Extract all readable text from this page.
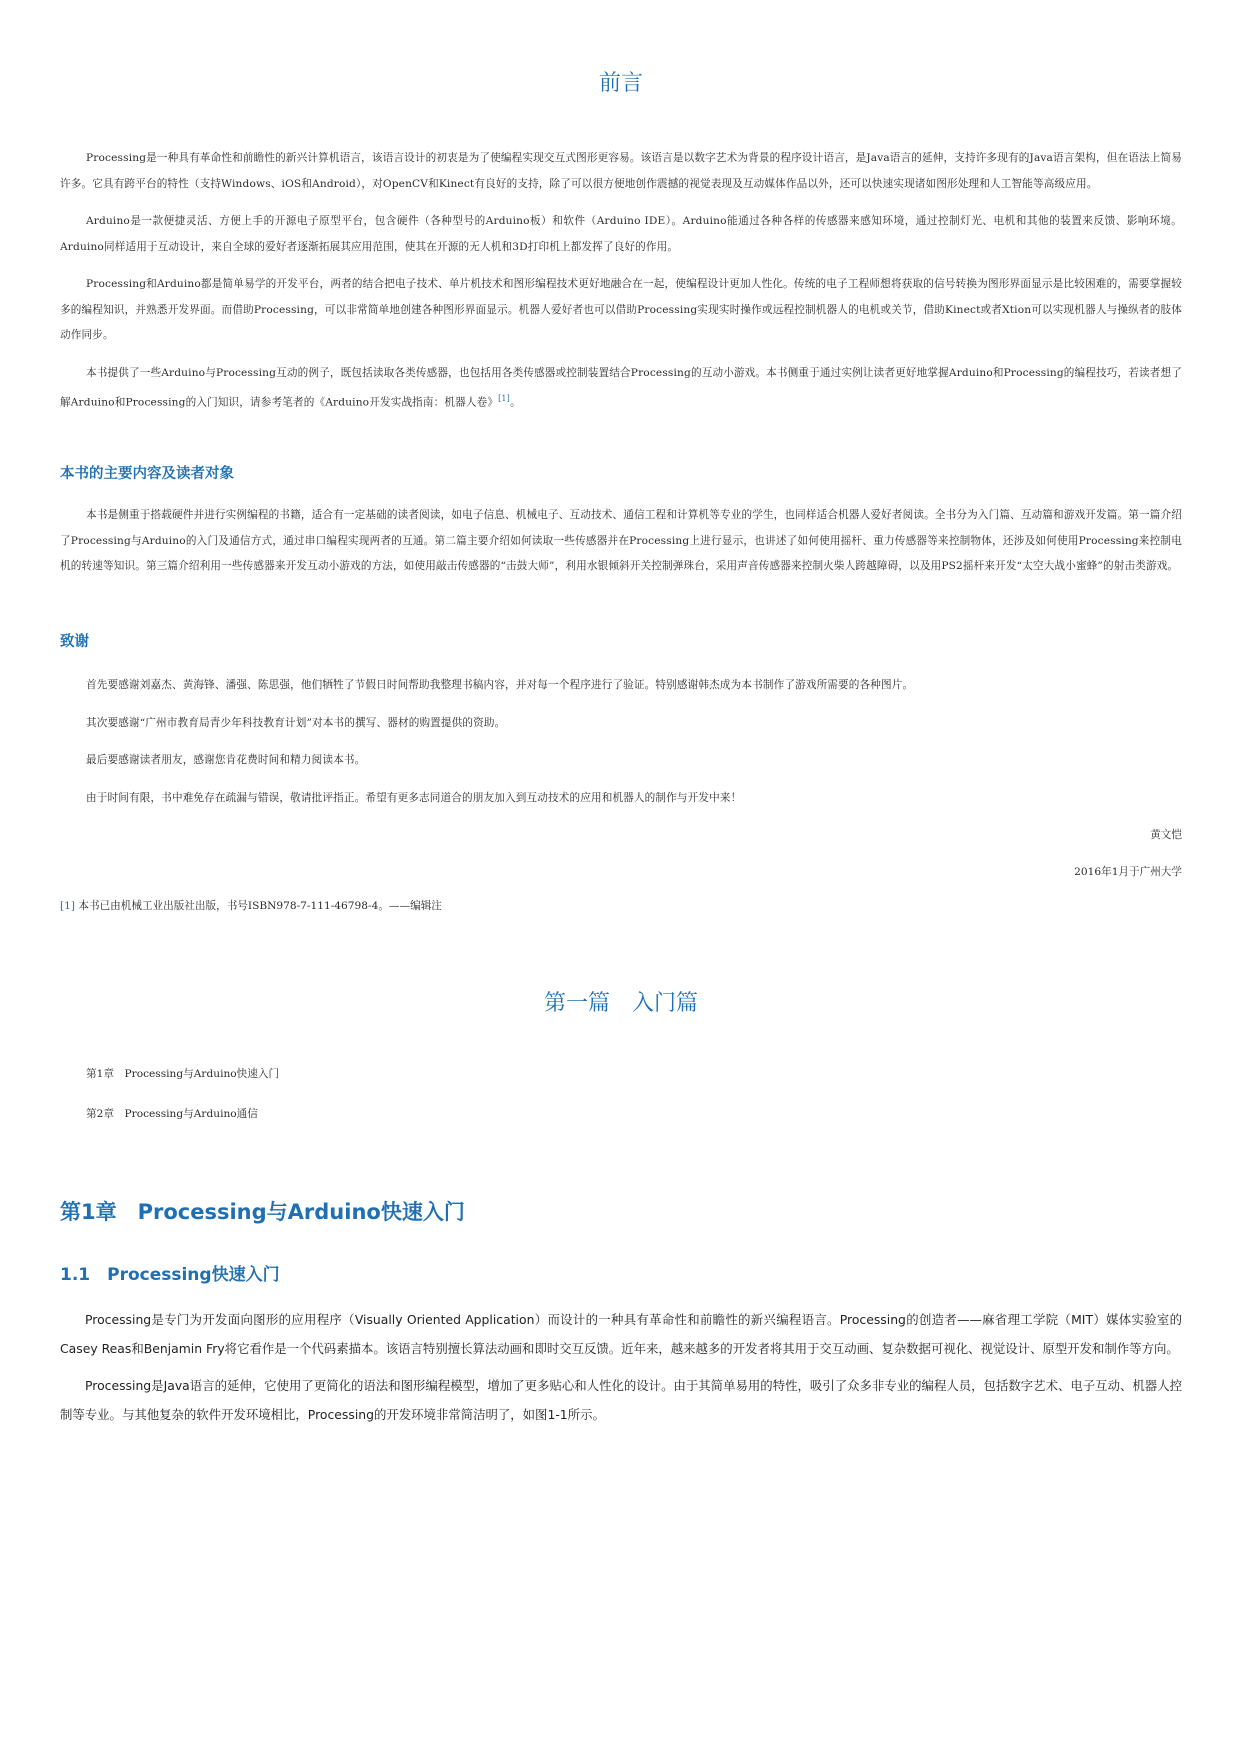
前言

Processing是一种具有革命性和前瞻性的新兴计算机语言，该语言设计的初衷是为了使编程实现交互式图形更容易。该语言是以数字艺术为背景的程序设计语言，是Java语言的延伸，支持许多现有的Java语言架构，但在语法上简易许多。它具有跨平台的特性（支持Windows、iOS和Android），对OpenCV和Kinect有良好的支持，除了可以很方便地创作震撼的视觉表现及互动媒体作品以外，还可以快速实现诸如图形处理和人工智能等高级应用。

Arduino是一款便捷灵活、方便上手的开源电子原型平台，包含硬件（各种型号的Arduino板）和软件（Arduino IDE）。Arduino能通过各种各样的传感器来感知环境，通过控制灯光、电机和其他的装置来反馈、影响环境。Arduino同样适用于互动设计，来自全球的爱好者逐渐拓展其应用范围，使其在开源的无人机和3D打印机上都发挥了良好的作用。

Processing和Arduino都是简单易学的开发平台，两者的结合把电子技术、单片机技术和图形编程技术更好地融合在一起，使编程设计更加人性化。传统的电子工程师想将获取的信号转换为图形界面显示是比较困难的，需要掌握较多的编程知识，并熟悉开发界面。而借助Processing，可以非常简单地创建各种图形界面显示。机器人爱好者也可以借助Processing实现实时操作或远程控制机器人的电机或关节，借助Kinect或者Xtion可以实现机器人与操纵者的肢体动作同步。

本书提供了一些Arduino与Processing互动的例子，既包括读取各类传感器，也包括用各类传感器或控制装置结合Processing的互动小游戏。本书侧重于通过实例让读者更好地掌握Arduino和Processing的编程技巧，若读者想了解Arduino和Processing的入门知识，请参考笔者的《Arduino开发实战指南：机器人卷》[1]。

本书的主要内容及读者对象

本书是侧重于搭载硬件并进行实例编程的书籍，适合有一定基础的读者阅读，如电子信息、机械电子、互动技术、通信工程和计算机等专业的学生，也同样适合机器人爱好者阅读。全书分为入门篇、互动篇和游戏开发篇。第一篇介绍了Processing与Arduino的入门及通信方式，通过串口编程实现两者的互通。第二篇主要介绍如何读取一些传感器并在Processing上进行显示，也讲述了如何使用摇杆、重力传感器等来控制物体，还涉及如何使用Processing来控制电机的转速等知识。第三篇介绍利用一些传感器来开发互动小游戏的方法，如使用敲击传感器的“击鼓大师”，利用水银倾斜开关控制弹珠台，采用声音传感器来控制火柴人跨越障碍，以及用PS2摇杆来开发“太空大战小蜜蜂”的射击类游戏。

致谢

首先要感谢刘嘉杰、黄海锋、潘强、陈思强，他们牺牲了节假日时间帮助我整理书稿内容，并对每一个程序进行了验证。特别感谢韩杰成为本书制作了游戏所需要的各种图片。

其次要感谢“广州市教育局青少年科技教育计划”对本书的撰写、器材的购置提供的资助。

最后要感谢读者朋友，感谢您肯花费时间和精力阅读本书。

由于时间有限，书中难免存在疏漏与错误，敬请批评指正。希望有更多志同道合的朋友加入到互动技术的应用和机器人的制作与开发中来！

黄文恺

2016年1月于广州大学

[1] 本书已由机械工业出版社出版，书号ISBN978-7-111-46798-4。——编辑注

第一篇　入门篇

第1章　Processing与Arduino快速入门

第2章　Processing与Arduino通信

第1章　Processing与Arduino快速入门
1.1　Processing快速入门

Processing是专门为开发面向图形的应用程序（Visually Oriented Application）而设计的一种具有革命性和前瞻性的新兴编程语言。Processing的创造者——麻省理工学院（MIT）媒体实验室的Casey Reas和Benjamin Fry将它看作是一个代码素描本。该语言特别擅长算法动画和即时交互反馈。近年来，越来越多的开发者将其用于交互动画、复杂数据可视化、视觉设计、原型开发和制作等方向。

Processing是Java语言的延伸，它使用了更简化的语法和图形编程模型，增加了更多贴心和人性化的设计。由于其简单易用的特性，吸引了众多非专业的编程人员，包括数字艺术、电子互动、机器人控制等专业。与其他复杂的软件开发环境相比，Processing的开发环境非常简洁明了，如图1-1所示。
